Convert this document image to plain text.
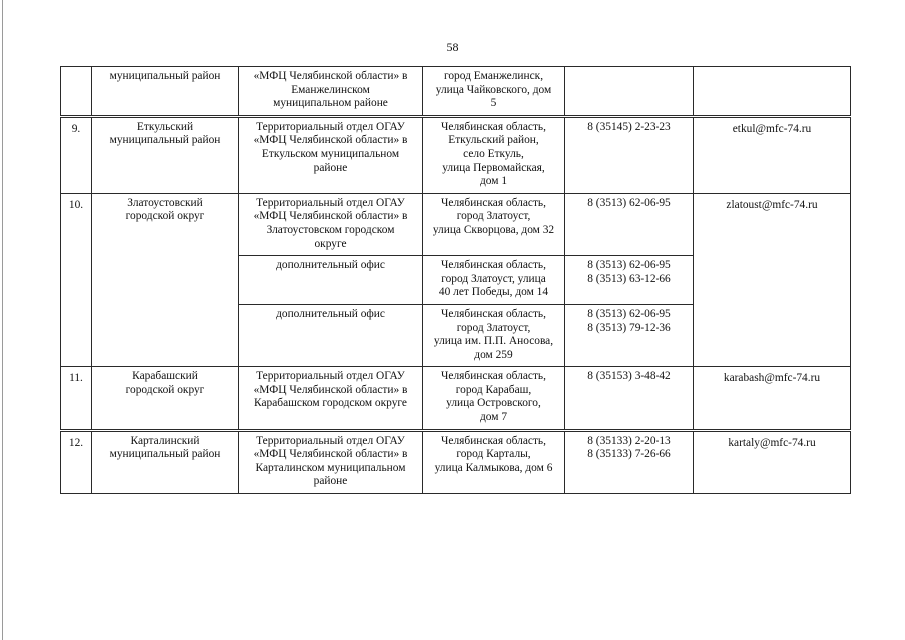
58

	муниципальный район	«МФЦ Челябинской области» в
Еманжелинском
муниципальном районе	город Еманжелинск,
улица Чайковского, дом
5		

9.	Еткульский
муниципальный район	Территориальный отдел ОГАУ
«МФЦ Челябинской области» в
Еткульском муниципальном
районе	Челябинская область,
Еткульский район,
село Еткуль,
улица Первомайская,
дом 1	8 (35145) 2-23-23	etkul@mfc-74.ru
10.	Златоустовский
городской округ	Территориальный отдел ОГАУ
«МФЦ Челябинской области» в
Златоустовском городском
округе	Челябинская область,
город Златоуст,
улица Скворцова, дом 32	8 (3513) 62-06-95	zlatoust@mfc-74.ru

		дополнительный офис	Челябинская область,
город Златоуст, улица
40 лет Победы, дом 14	8 (3513) 62-06-95
8 (3513) 63-12-66	

		дополнительный офис	Челябинская область,
город Златоуст,
улица им. П.П. Аносова,
дом 259	8 (3513) 62-06-95
8 (3513) 79-12-36	

11.	Карабашский
городской округ	Территориальный отдел ОГАУ
«МФЦ Челябинской области» в
Карабашском городском округе	Челябинская область,
город Карабаш,
улица Островского,
дом 7	8 (35153) 3-48-42	karabash@mfc-74.ru
12.	Карталинский
муниципальный район	Территориальный отдел ОГАУ
«МФЦ Челябинской области» в
Карталинском муниципальном
районе	Челябинская область,
город Карталы,
улица Калмыкова, дом 6	8 (35133) 2-20-13
8 (35133) 7-26-66	kartaly@mfc-74.ru
